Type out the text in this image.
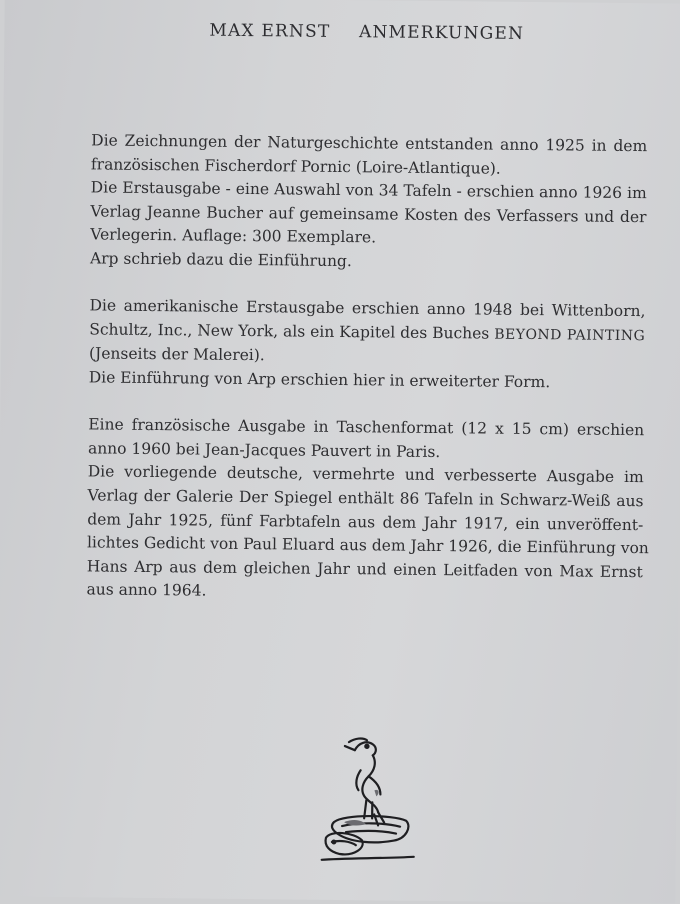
MAX ERNST ANMERKUNGEN

Die Zeichnungen der Naturgeschichte entstanden anno 1925 in dem
französischen Fischerdorf Pornic (Loire-Atlantique).
Die Erstausgabe - eine Auswahl von 34 Tafeln - erschien anno 1926 im
Verlag Jeanne Bucher auf gemeinsame Kosten des Verfassers und der
Verlegerin. Auflage: 300 Exemplare.
Arp schrieb dazu die Einführung.

Die amerikanische Erstausgabe erschien anno 1948 bei Wittenborn,
Schultz, Inc., New York, als ein Kapitel des Buches BEYOND PAINTING
(Jenseits der Malerei).
Die Einführung von Arp erschien hier in erweiterter Form.

Eine französische Ausgabe in Taschenformat (12 x 15 cm) erschien
anno 1960 bei Jean-Jacques Pauvert in Paris.
Die vorliegende deutsche, vermehrte und verbesserte Ausgabe im
Verlag der Galerie Der Spiegel enthält 86 Tafeln in Schwarz-Weiß aus
dem Jahr 1925, fünf Farbtafeln aus dem Jahr 1917, ein unveröffent-
lichtes Gedicht von Paul Eluard aus dem Jahr 1926, die Einführung von
Hans Arp aus dem gleichen Jahr und einen Leitfaden von Max Ernst
aus anno 1964.
